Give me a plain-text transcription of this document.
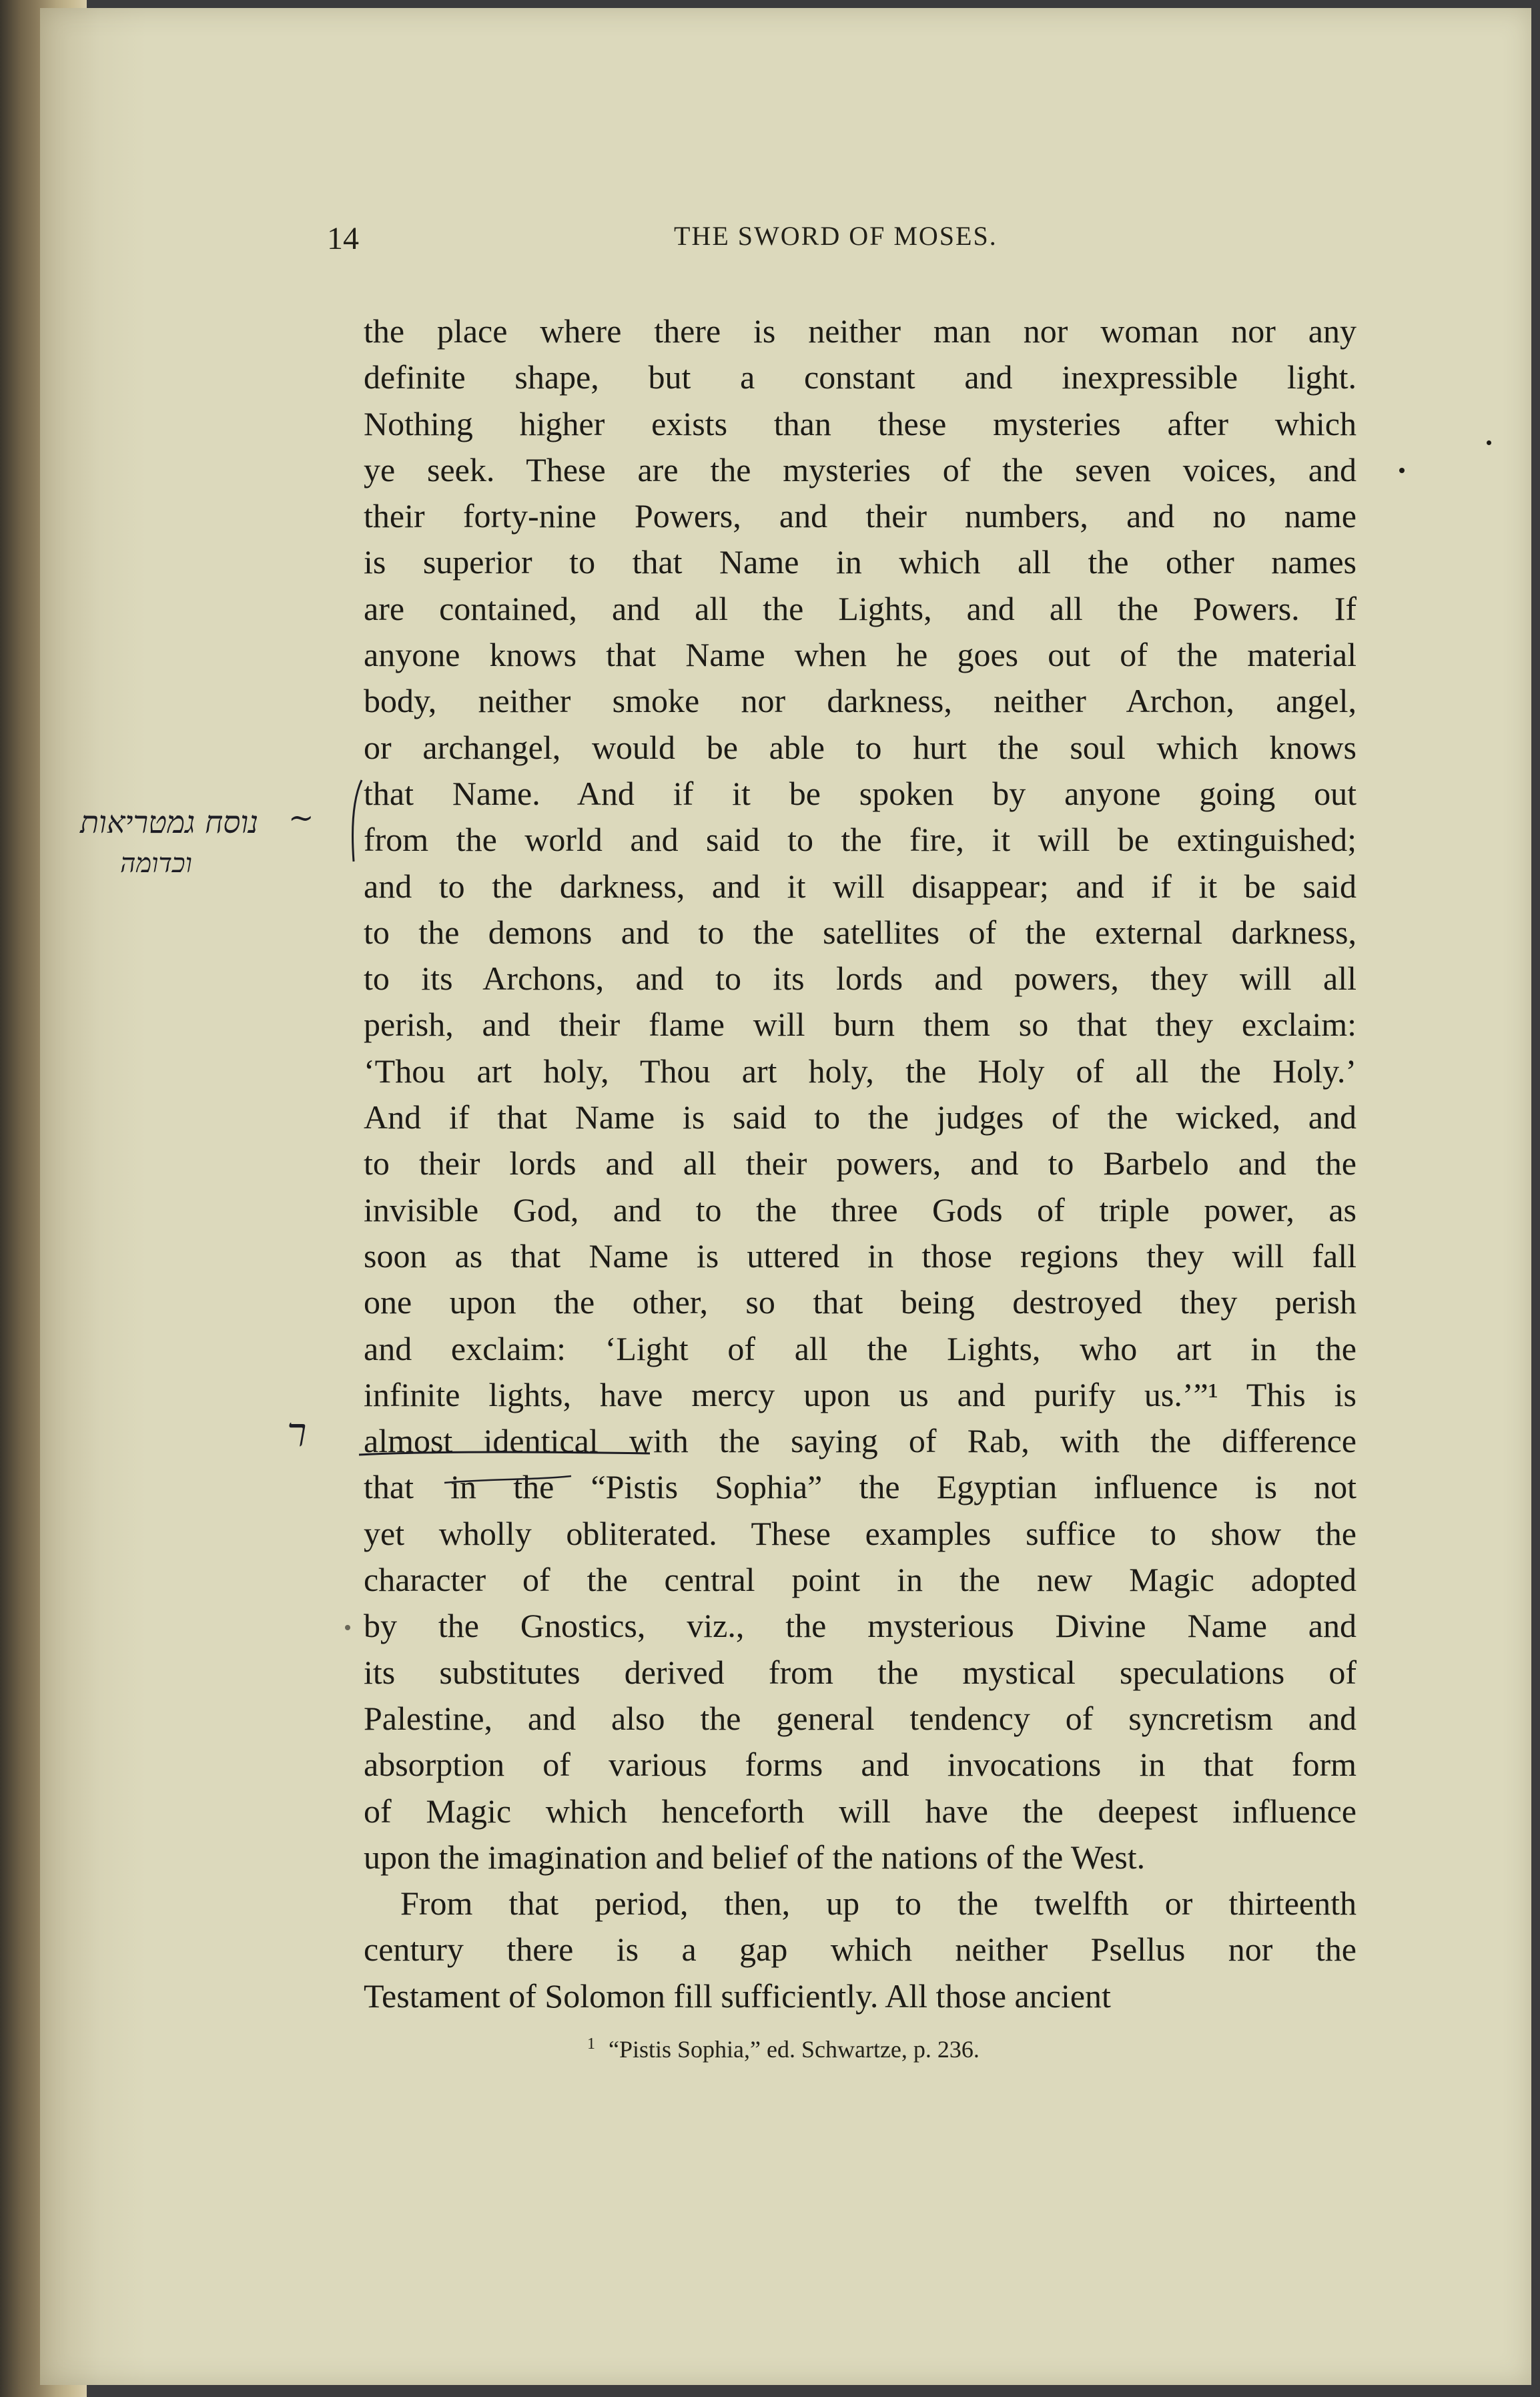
14	THE SWORD OF MOSES.
the place where there is neither man nor woman nor any
definite shape, but a constant and inexpressible light.
Nothing higher exists than these mysteries after which
ye seek. These are the mysteries of the seven voices, and
their forty-nine Powers, and their numbers, and no name
is superior to that Name in which all the other names
are contained, and all the Lights, and all the Powers. If
anyone knows that Name when he goes out of the material
body, neither smoke nor darkness, neither Archon, angel,
or archangel, would be able to hurt the soul which knows
that Name. And if it be spoken by anyone going out
from the world and said to the fire, it will be extinguished;
and to the darkness, and it will disappear; and if it be said
to the demons and to the satellites of the external darkness,
to its Archons, and to its lords and powers, they will all
perish, and their flame will burn them so that they exclaim:
‘Thou art holy, Thou art holy, the Holy of all the Holy.’
And if that Name is said to the judges of the wicked, and
to their lords and all their powers, and to Barbelo and the
invisible God, and to the three Gods of triple power, as
soon as that Name is uttered in those regions they will fall
one upon the other, so that being destroyed they perish
and exclaim: ‘Light of all the Lights, who art in the
infinite lights, have mercy upon us and purify us.’”¹ This is
almost identical with the saying of Rab, with the difference
that in the “Pistis Sophia” the Egyptian influence is not
yet wholly obliterated. These examples suffice to show the
character of the central point in the new Magic adopted
by the Gnostics, viz., the mysterious Divine Name and
its substitutes derived from the mystical speculations of
Palestine, and also the general tendency of syncretism and
absorption of various forms and invocations in that form
of Magic which henceforth will have the deepest influence
upon the imagination and belief of the nations of the West.
From that period, then, up to the twelfth or thirteenth
century there is a gap which neither Psellus nor the
Testament of Solomon fill sufficiently. All those ancient
$^1$ “Pistis Sophia,” ed. Schwartze, p. 236.
נוסח גמטריאות
וכדומה
~
ר
